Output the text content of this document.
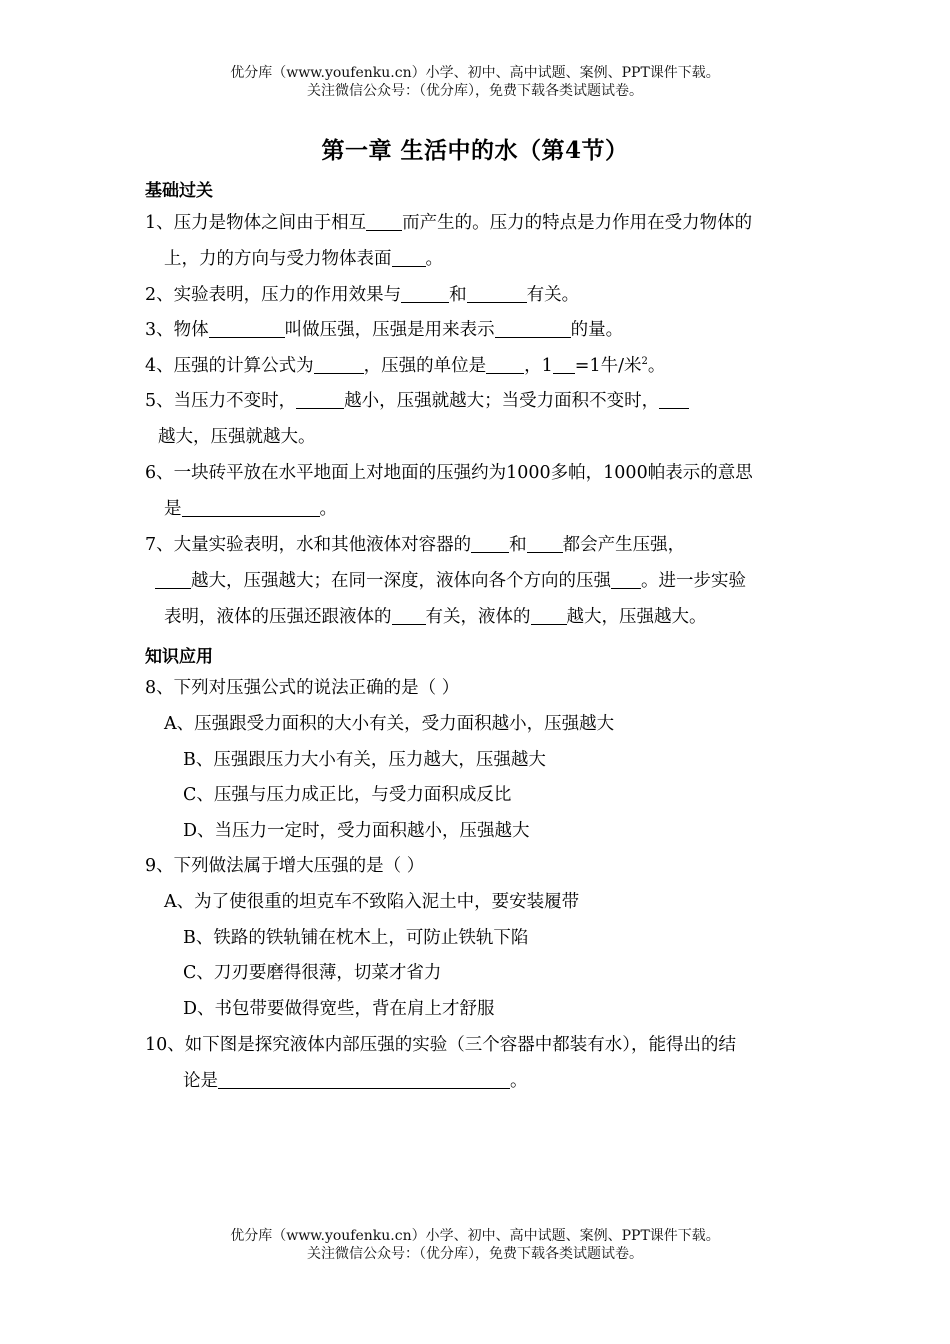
优分库（www.youfenku.cn）小学、初中、高中试题、案例、PPT课件下载。
关注微信公众号：（优分库），免费下载各类试题试卷。
第一章 生活中的水（第4节）
基础过关
1、压力是物体之间由于相互 而产生的。压力的特点是力作用在受力物体的
上，力的方向与受力物体表面 。
2、实验表明，压力的作用效果与	和	有关。
3、物体	叫做压强，压强是用来表示	的量。
4、压强的计算公式为	，压强的单位是 ，1 =1牛/米$^2$。
5、当压力不变时，	越小，压强就越大；当受力面积不变时，
越大，压强就越大。
6、一块砖平放在水平地面上对地面的压强约为1000多帕，1000帕表示的意思
是	。
7、大量实验表明，水和其他液体对容器的 和 都会产生压强，
越大，压强越大；在同一深度，液体向各个方向的压强 。进一步实验
表明，液体的压强还跟液体的 有关，液体的 越大，压强越大。
知识应用
8、下列对压强公式的说法正确的是（ ）
A、压强跟受力面积的大小有关，受力面积越小，压强越大
B、压强跟压力大小有关，压力越大，压强越大
C、压强与压力成正比，与受力面积成反比
D、当压力一定时，受力面积越小，压强越大
9、下列做法属于增大压强的是（ ）
A、为了使很重的坦克车不致陷入泥土中，要安装履带
B、铁路的铁轨铺在枕木上，可防止铁轨下陷
C、刀刃要磨得很薄，切菜才省力
D、书包带要做得宽些，背在肩上才舒服
10、如下图是探究液体内部压强的实验（三个容器中都装有水），能得出的结
论是	。
优分库（www.youfenku.cn）小学、初中、高中试题、案例、PPT课件下载。
关注微信公众号：（优分库），免费下载各类试题试卷。
